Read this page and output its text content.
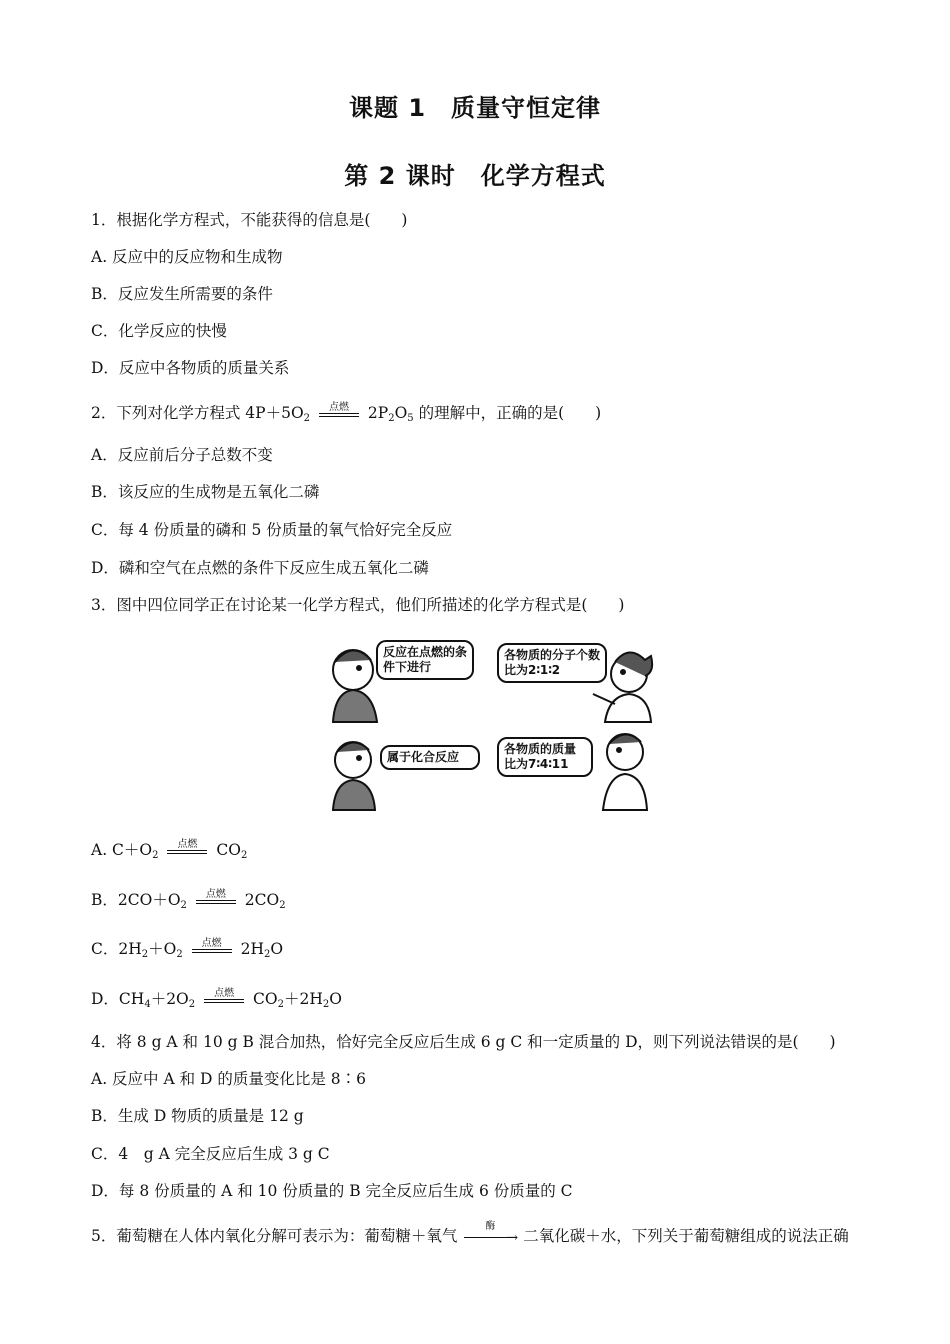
课题 1　质量守恒定律
第 2 课时　化学方程式
1．根据化学方程式，不能获得的信息是(　　)
A. 反应中的反应物和生成物
B．反应发生所需要的条件
C．化学反应的快慢
D．反应中各物质的质量关系
2．下列对化学方程式 $4P+5O_2$
点燃 $2P_2O_5$ 的理解中，正确的是(　　)
A．反应前后分子总数不变
B．该反应的生成物是五氧化二磷
C．每 4 份质量的磷和 5 份质量的氧气恰好完全反应
D．磷和空气在点燃的条件下反应生成五氧化二磷
3．图中四位同学正在讨论某一化学方程式，他们所描述的化学方程式是(　　)
反应在点燃的条件下进行
各物质的分子个数比为2∶1∶2
属于化合反应
各物质的质量比为7∶4∶11
A. $C+O_2$
点燃 $CO_2$
B．$2CO+O_2$
点燃 $2CO_2$
C．$2H_2+O_2$
点燃 $2H_2O$
D．$CH_4+2O_2$
点燃 $CO_2+2H_2O$
4．将 8 g A 和 10 g B 混合加热，恰好完全反应后生成 6 g C 和一定质量的 D，则下列说法错误的是(　　)
A. 反应中 A 和 D 的质量变化比是 8∶6
B．生成 D 物质的质量是 12 g
C．4　g A 完全反应后生成 3 g C
D．每 8 份质量的 A 和 10 份质量的 B 完全反应后生成 6 份质量的 C
5．葡萄糖在人体内氧化分解可表示为：葡萄糖＋氧气
酶
→ 二氧化碳＋水，下列关于葡萄糖组成的说法正确
